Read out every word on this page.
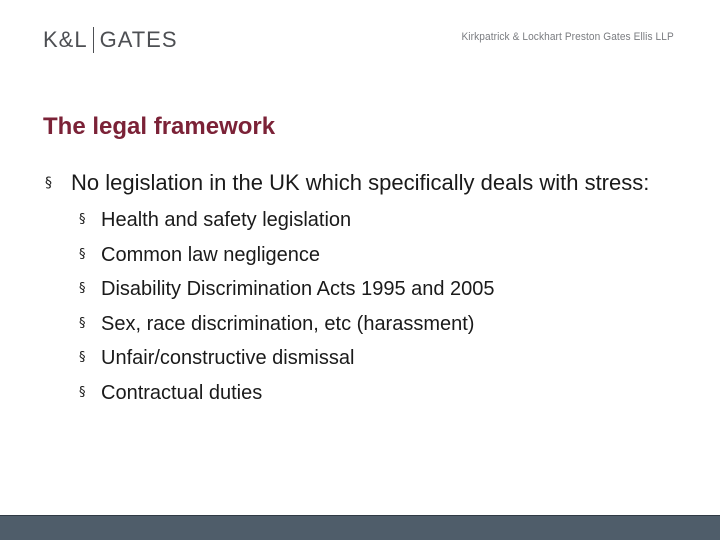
K&L GATES	Kirkpatrick & Lockhart Preston Gates Ellis LLP
The legal framework
§ No legislation in the UK which specifically deals with stress:
§ Health and safety legislation
§ Common law negligence
§ Disability Discrimination Acts 1995 and 2005
§ Sex, race discrimination, etc (harassment)
§ Unfair/constructive dismissal
§ Contractual duties
